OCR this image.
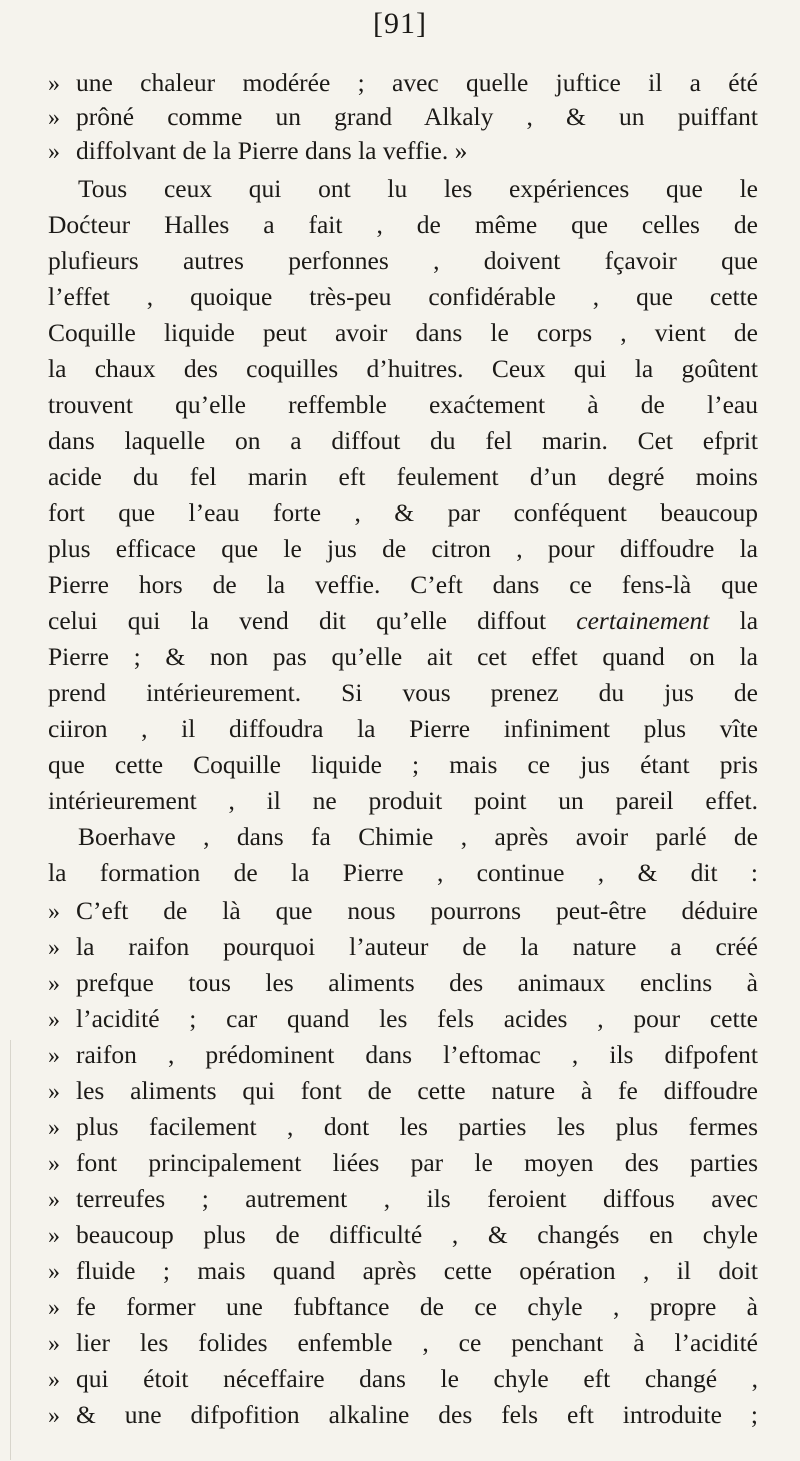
[91]
» une chaleur modérée ; avec quelle juftice il a été
» prôné comme un grand Alkaly , & un puiffant
» diffolvant de la Pierre dans la veffie. »
Tous ceux qui ont lu les expériences que le
Doćteur Halles a fait , de même que celles de
plufieurs autres perfonnes , doivent fçavoir que
l’effet , quoique très-peu confidérable , que cette
Coquille liquide peut avoir dans le corps , vient de
la chaux des coquilles d’huitres. Ceux qui la goûtent
trouvent qu’elle reffemble exaćtement à de l’eau
dans laquelle on a diffout du fel marin. Cet efprit
acide du fel marin eft feulement d’un degré moins
fort que l’eau forte , & par conféquent beaucoup
plus efficace que le jus de citron , pour diffoudre la
Pierre hors de la veffie. C’eft dans ce fens-là que
celui qui la vend dit qu’elle diffout certainement la
Pierre ; & non pas qu’elle ait cet effet quand on la
prend intérieurement. Si vous prenez du jus de
ciiron , il diffoudra la Pierre infiniment plus vîte
que cette Coquille liquide ; mais ce jus étant pris
intérieurement , il ne produit point un pareil effet.
Boerhave , dans fa Chimie , après avoir parlé de
la formation de la Pierre , continue , & dit :
» C’eft de là que nous pourrons peut-être déduire
» la raifon pourquoi l’auteur de la nature a créé
» prefque tous les aliments des animaux enclins à
» l’acidité ; car quand les fels acides , pour cette
» raifon , prédominent dans l’eftomac , ils difpofent
» les aliments qui font de cette nature à fe diffoudre
» plus facilement , dont les parties les plus fermes
» font principalement liées par le moyen des parties
» terreufes ; autrement , ils feroient diffous avec
» beaucoup plus de difficulté , & changés en chyle
» fluide ; mais quand après cette opération , il doit
» fe former une fubftance de ce chyle , propre à
» lier les folides enfemble , ce penchant à l’acidité
» qui étoit néceffaire dans le chyle eft changé ,
» & une difpofition alkaline des fels eft introduite ;
